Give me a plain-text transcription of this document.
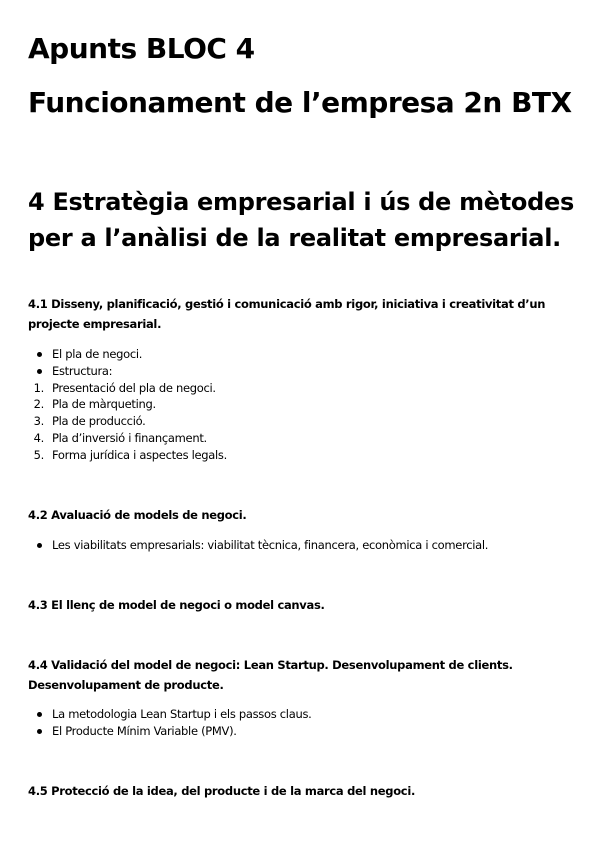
Apunts BLOC 4
Funcionament de l’empresa 2n BTX
4 Estratègia empresarial i ús de mètodes per a l’anàlisi de la realitat empresarial.
4.1 Disseny, planificació, gestió i comunicació amb rigor, iniciativa i creativitat d’un projecte empresarial.
El pla de negoci.
Estructura:
1. Presentació del pla de negoci.
2. Pla de màrqueting.
3. Pla de producció.
4. Pla d’inversió i finançament.
5. Forma jurídica i aspectes legals.
4.2 Avaluació de models de negoci.
Les viabilitats empresarials: viabilitat tècnica, financera, econòmica i comercial.
4.3 El llenç de model de negoci o model canvas.
4.4 Validació del model de negoci: Lean Startup. Desenvolupament de clients. Desenvolupament de producte.
La metodologia Lean Startup i els passos claus.
El Producte Mínim Variable (PMV).
4.5 Protecció de la idea, del producte i de la marca del negoci.
